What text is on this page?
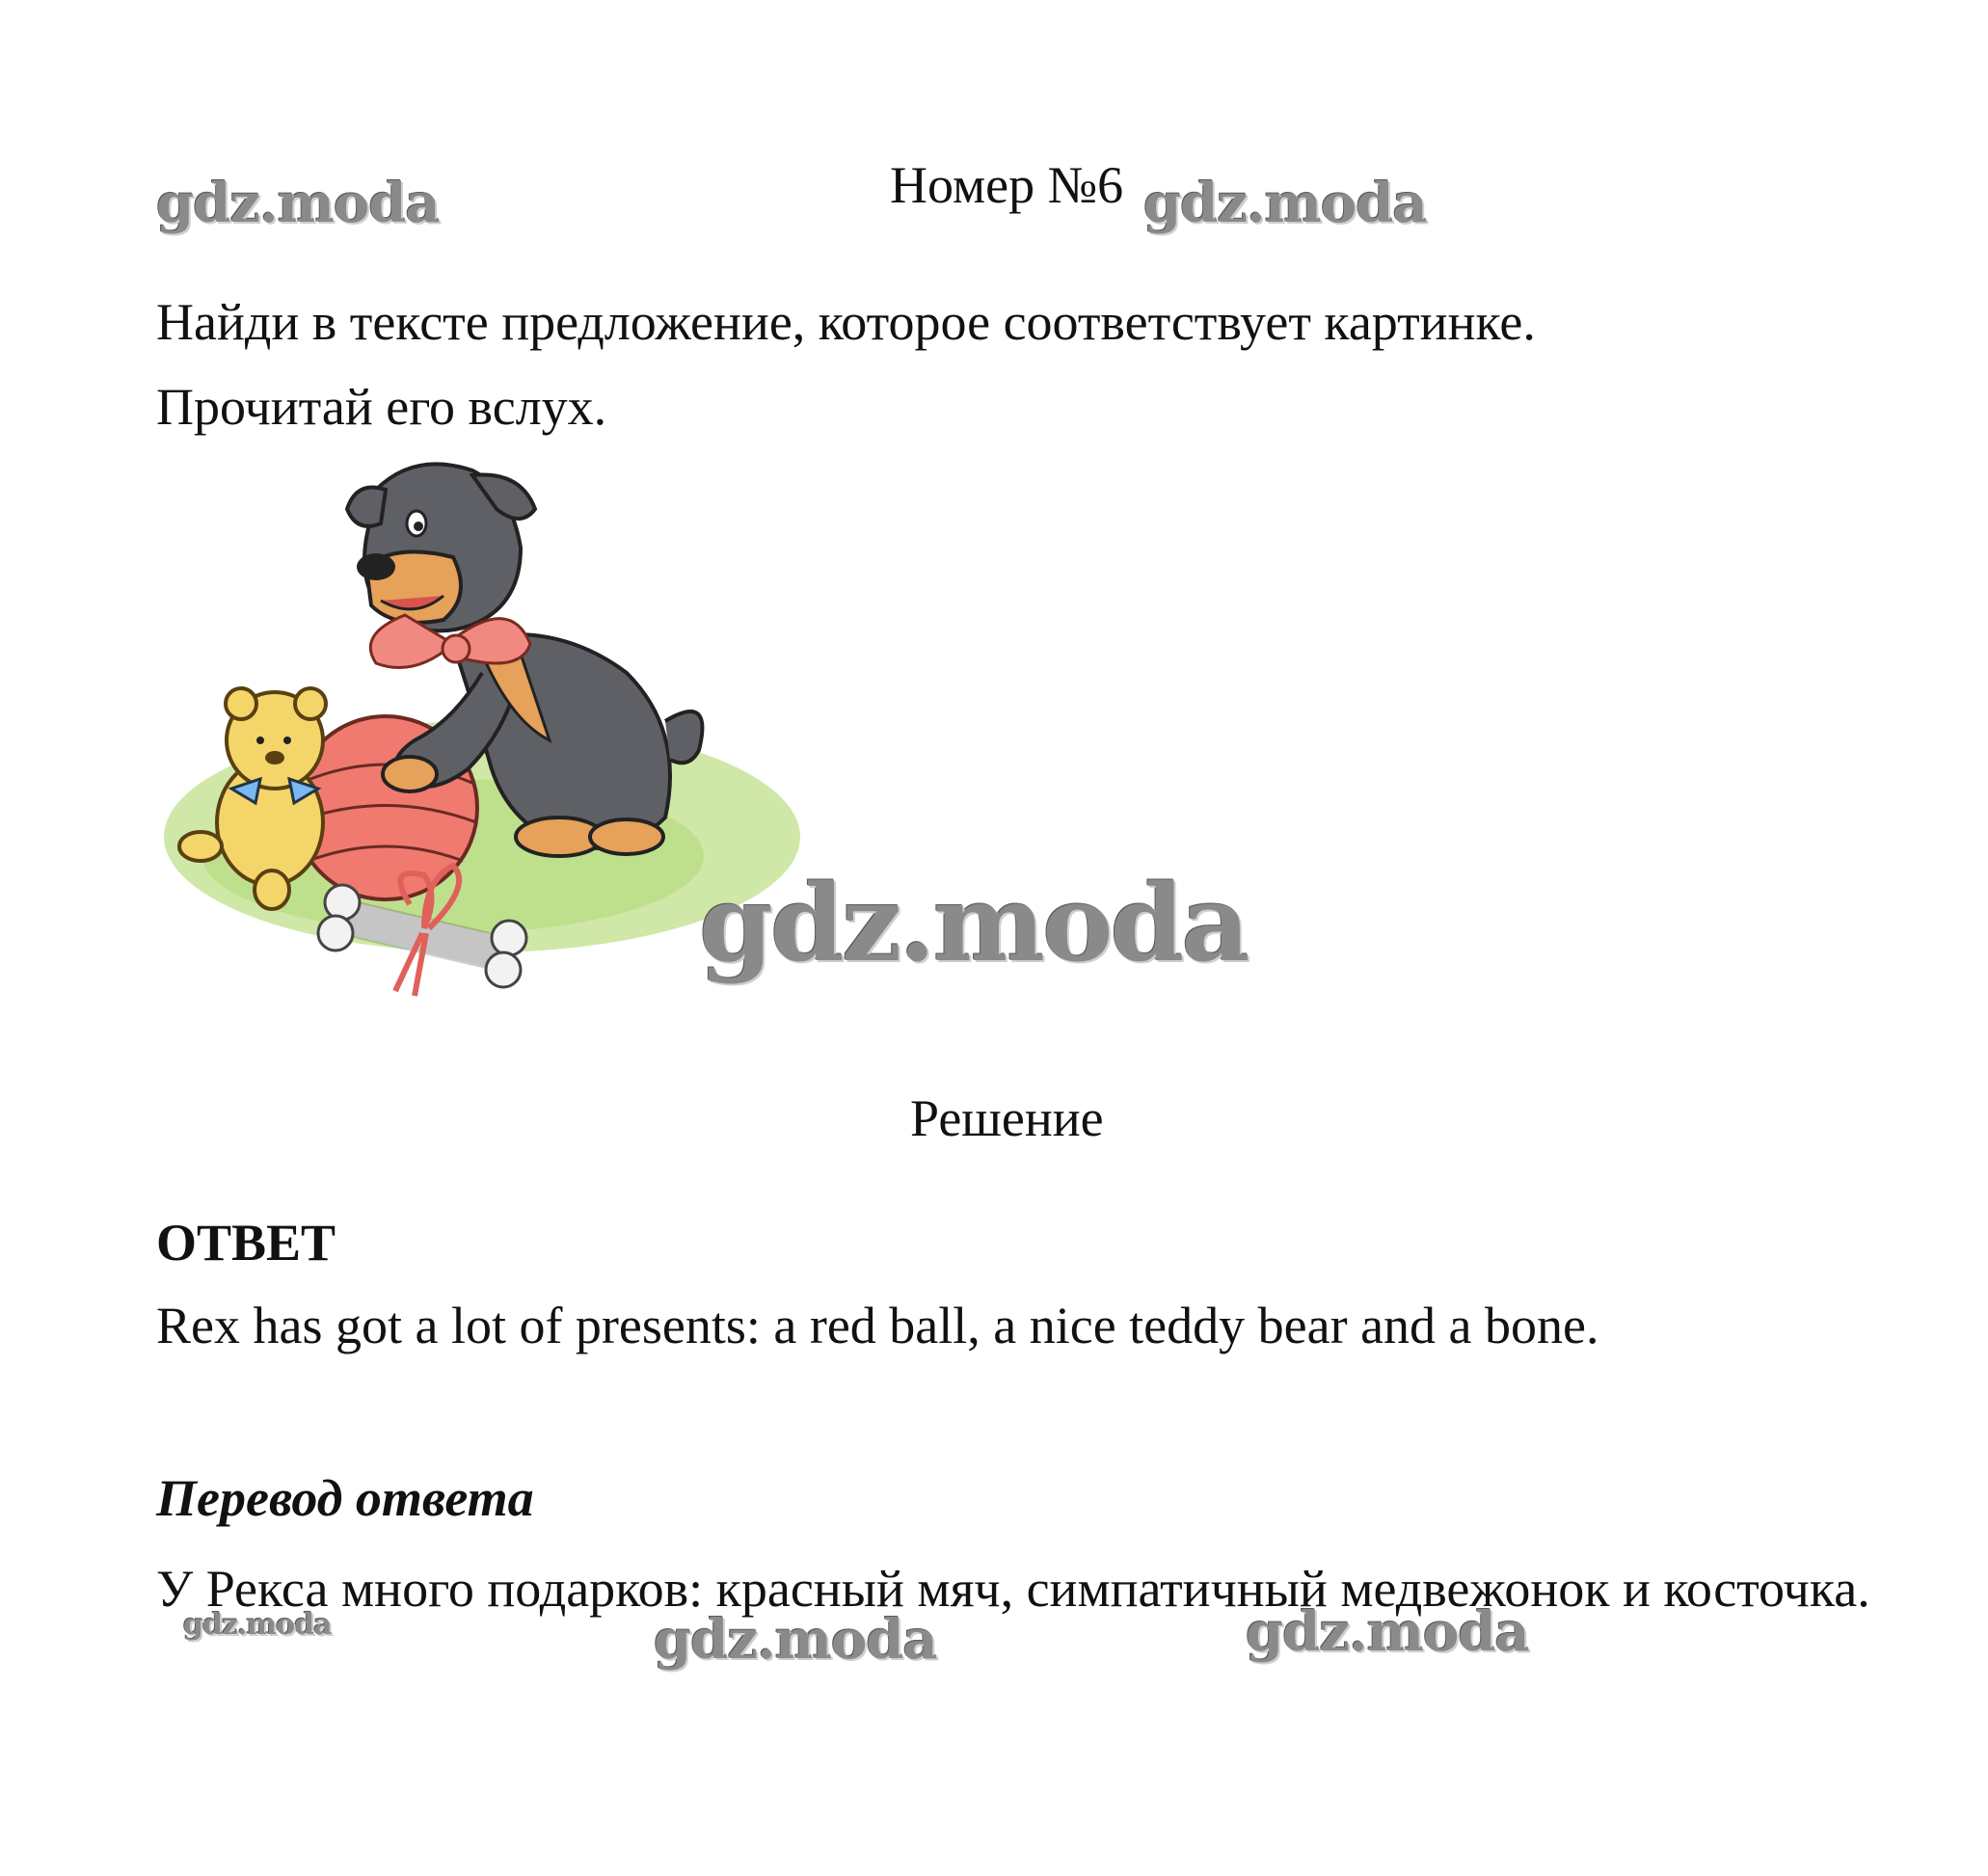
Номер №6
Найди в тексте предложение, которое соответствует картинке.
Прочитай его вслух.
Решение
ОТВЕТ
Rex has got a lot of presents: a red ball, a nice teddy bear and a bone.
Перевод ответа
У Рекса много подарков: красный мяч, симпатичный медвежонок и косточка.
gdz.moda	gdz.moda
gdz.moda
gdz.moda	gdz.moda	gdz.moda
